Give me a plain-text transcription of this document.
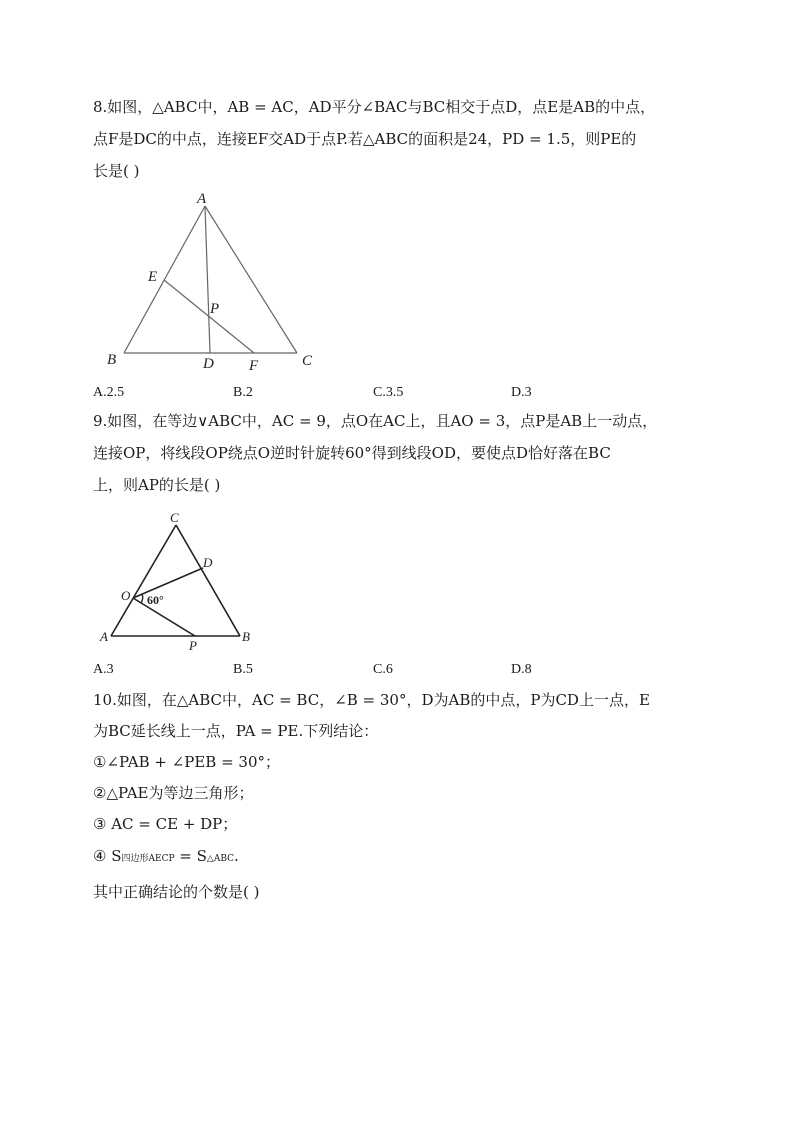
8.如图，△ABC中，AB = AC，AD平分∠BAC与BC相交于点D，点E是AB的中点，
点F是DC的中点，连接EF交AD于点P.若△ABC的面积是24，PD = 1.5，则PE的
长是( )
A
E
P
B	D F	C
A.2.5	B.2	C.3.5	D.3
9.如图，在等边∨ABC中，AC = 9，点O在AC上，且AO = 3，点P是AB上一动点，
连接OP，将线段OP绕点O逆时针旋转60°得到线段OD，要使点D恰好落在BC
上，则AP的长是( )
C
D
O 60°
A
P
B
A.3	B.5	C.6	D.8
10.如图，在△ABC中，AC = BC，∠B = 30°，D为AB的中点，P为CD上一点，E
为BC延长线上一点，PA = PE.下列结论：
①∠PAB + ∠PEB = 30°；
②△PAE为等边三角形；
③ AC = CE + DP；
④ S四边形AECP = S△ABC.
其中正确结论的个数是( )
